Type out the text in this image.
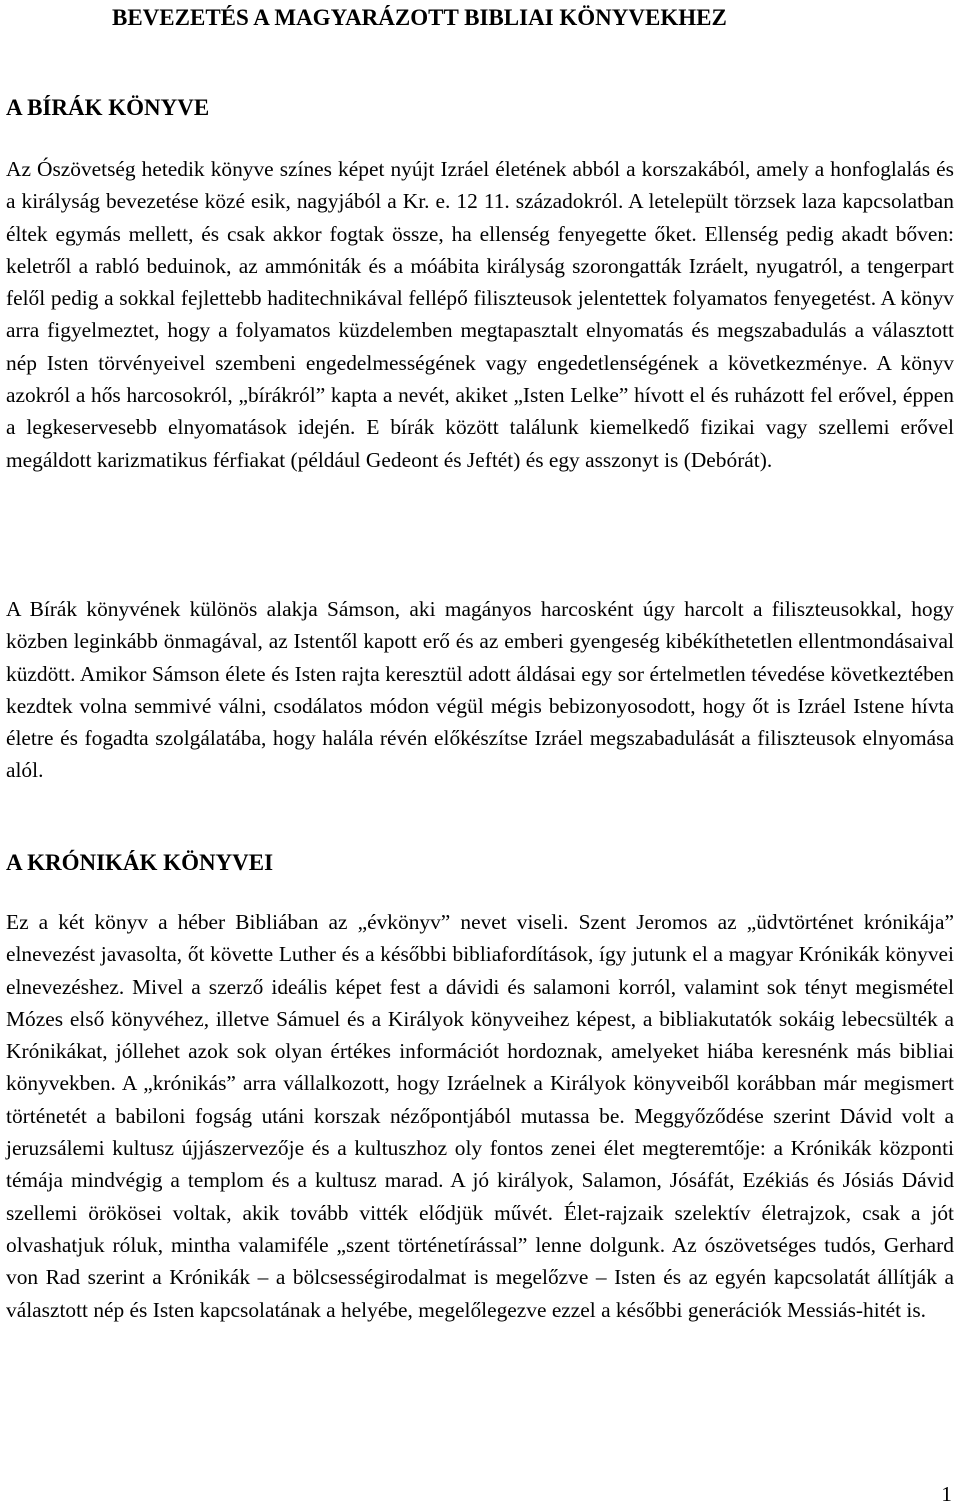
BEVEZETÉS A MAGYARÁZOTT BIBLIAI KÖNYVEKHEZ
A BÍRÁK KÖNYVE

Az Ószövetség hetedik könyve színes képet nyújt Izráel életének abból a korszakából, amely a honfoglalás és a királyság bevezetése közé esik, nagyjából a Kr. e. 12 11. századokról. A letelepült törzsek laza kapcsolatban éltek egymás mellett, és csak akkor fogtak össze, ha ellenség fenyegette őket. Ellenség pedig akadt bőven: keletről a rabló beduinok, az ammóniták és a móábita királyság szorongatták Izráelt, nyugatról, a tengerpart felől pedig a sokkal fejlettebb haditechnikával fellépő filiszteusok jelentettek folyamatos fenyegetést. A könyv arra figyelmeztet, hogy a folyamatos küzdelemben megtapasztalt elnyomatás és megszabadulás a választott nép Isten törvényeivel szembeni engedelmességének vagy engedetlenségének a következménye. A könyv azokról a hős harcosokról, „bírákról” kapta a nevét, akiket „Isten Lelke” hívott el és ruházott fel erővel, éppen a legkeservesebb elnyomatások idején. E bírák között találunk kiemelkedő fizikai vagy szellemi erővel megáldott karizmatikus férfiakat (például Gedeont és Jeftét) és egy asszonyt is (Debórát).

A Bírák könyvének különös alakja Sámson, aki magányos harcosként úgy harcolt a filiszteusokkal, hogy közben leginkább önmagával, az Istentől kapott erő és az emberi gyengeség kibékíthetetlen ellentmondásaival küzdött. Amikor Sámson élete és Isten rajta keresztül adott áldásai egy sor értelmetlen tévedése következtében kezdtek volna semmivé válni, csodálatos módon végül mégis bebizonyosodott, hogy őt is Izráel Istene hívta életre és fogadta szolgálatába, hogy halála révén előkészítse Izráel megszabadulását a filiszteusok elnyomása alól.

A KRÓNIKÁK KÖNYVEI

Ez a két könyv a héber Bibliában az „évkönyv” nevet viseli. Szent Jeromos az „üdvtörténet krónikája” elnevezést javasolta, őt követte Luther és a későbbi bibliafordítások, így jutunk el a magyar Krónikák könyvei elnevezéshez. Mivel a szerző ideális képet fest a dávidi és salamoni korról, valamint sok tényt megismétel Mózes első könyvéhez, illetve Sámuel és a Királyok könyveihez képest, a bibliakutatók sokáig lebecsülték a Krónikákat, jóllehet azok sok olyan értékes információt hordoznak, amelyeket hiába keresnénk más bibliai könyvekben. A „krónikás” arra vállalkozott, hogy Izráelnek a Királyok könyveiből korábban már megismert történetét a babiloni fogság utáni korszak nézőpontjából mutassa be. Meggyőződése szerint Dávid volt a jeruzsálemi kultusz újjászervezője és a kultuszhoz oly fontos zenei élet megteremtője: a Krónikák központi témája mindvégig a templom és a kultusz marad. A jó királyok, Salamon, Jósáfát, Ezékiás és Jósiás Dávid szellemi örökösei voltak, akik tovább vitték elődjük művét. Élet-rajzaik szelektív életrajzok, csak a jót olvashatjuk róluk, mintha valamiféle „szent történetírással” lenne dolgunk. Az ószövetséges tudós, Gerhard von Rad szerint a Krónikák – a bölcsességirodalmat is megelőzve – Isten és az egyén kapcsolatát állítják a választott nép és Isten kapcsolatának a helyébe, megelőlegezve ezzel a későbbi generációk Messiás-hitét is.

1
